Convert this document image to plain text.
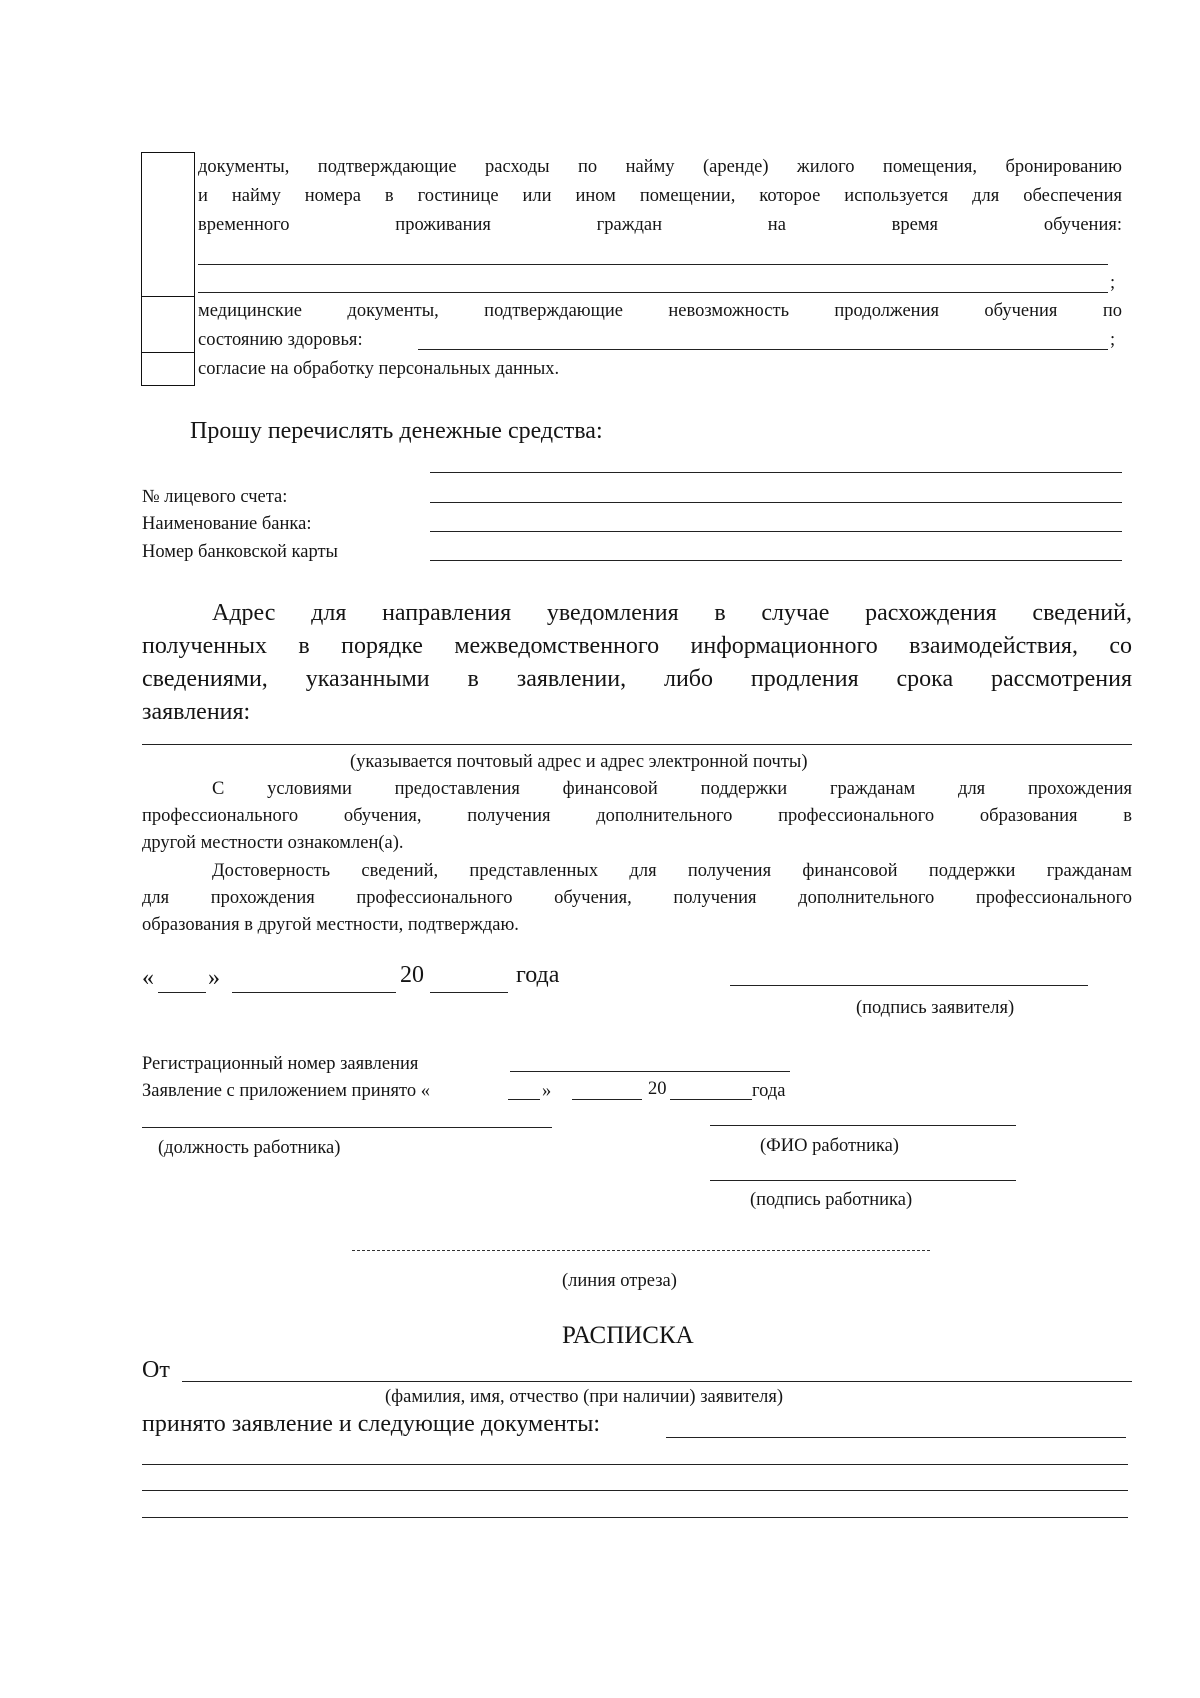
документы, подтверждающие расходы по найму (аренде) жилого помещения, бронированию
и найму номера в гостинице или ином помещении, которое используется для обеспечения
временного проживания граждан на время обучения:
;
медицинские документы, подтверждающие невозможность продолжения обучения по
состоянию здоровья:	;
согласие на обработку персональных данных.
Прошу перечислять денежные средства:
№ лицевого счета:
Наименование банка:
Номер банковской карты
Адрес для направления уведомления в случае расхождения сведений,
полученных в порядке межведомственного информационного взаимодействия, со
сведениями, указанными в заявлении, либо продления срока рассмотрения
заявления:
(указывается почтовый адрес и адрес электронной почты)
С условиями предоставления финансовой поддержки гражданам для прохождения
профессионального обучения, получения дополнительного профессионального образования в
другой местности ознакомлен(а).
Достоверность сведений, представленных для получения финансовой поддержки гражданам
для прохождения профессионального обучения, получения дополнительного профессионального
образования в другой местности, подтверждаю.
« »	20	года
(подпись заявителя)
Регистрационный номер заявления
Заявление с приложением принято «	»	20	года
(должность работника)	(ФИО работника)
(подпись работника)
(линия отреза)
РАСПИСКА
От
(фамилия, имя, отчество (при наличии) заявителя)
принято заявление и следующие документы:
